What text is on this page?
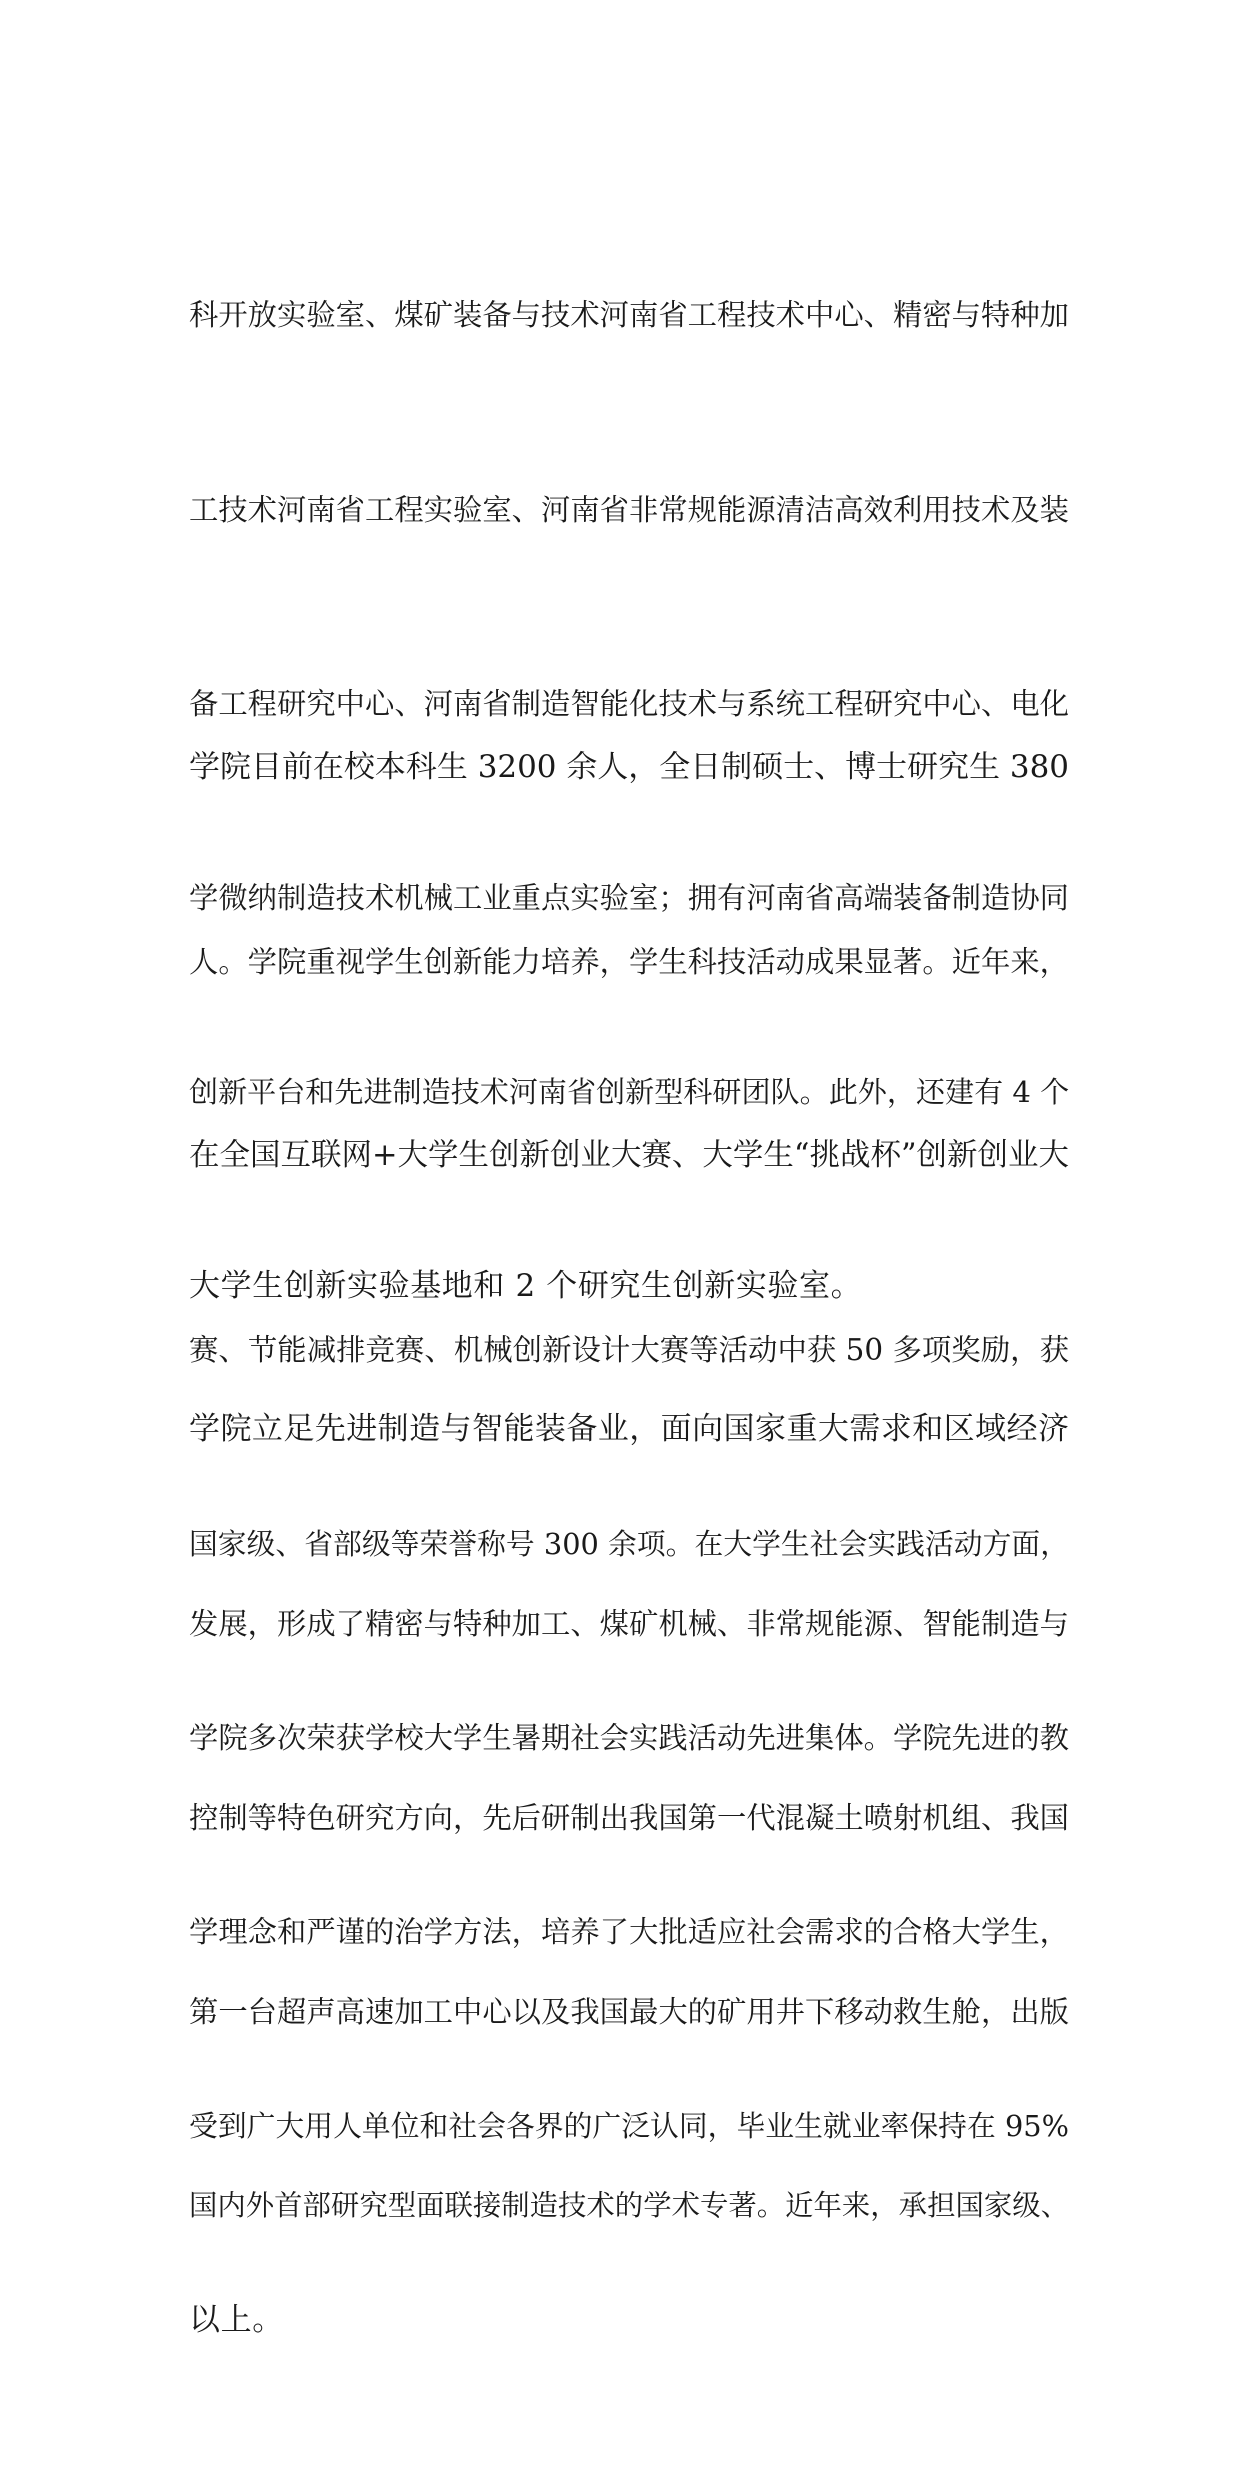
科开放实验室、煤矿装备与技术河南省工程技术中心、精密与特种加

工技术河南省工程实验室、河南省非常规能源清洁高效利用技术及装

备工程研究中心、河南省制造智能化技术与系统工程研究中心、电化

学微纳制造技术机械工业重点实验室；拥有河南省高端装备制造协同

创新平台和先进制造技术河南省创新型科研团队。此外，还建有 4 个

大学生创新实验基地和 2 个研究生创新实验室。

学院目前在校本科生 3200 余人，全日制硕士、博士研究生 380

人。学院重视学生创新能力培养，学生科技活动成果显著。近年来，

在全国互联网+大学生创新创业大赛、大学生“挑战杯”创新创业大

赛、节能减排竞赛、机械创新设计大赛等活动中获 50 多项奖励，获

国家级、省部级等荣誉称号 300 余项。在大学生社会实践活动方面，

学院多次荣获学校大学生暑期社会实践活动先进集体。学院先进的教

学理念和严谨的治学方法，培养了大批适应社会需求的合格大学生，

受到广大用人单位和社会各界的广泛认同，毕业生就业率保持在 95%

以上。

学院立足先进制造与智能装备业，面向国家重大需求和区域经济

发展，形成了精密与特种加工、煤矿机械、非常规能源、智能制造与

控制等特色研究方向，先后研制出我国第一代混凝土喷射机组、我国

第一台超声高速加工中心以及我国最大的矿用井下移动救生舱，出版

国内外首部研究型面联接制造技术的学术专著。近年来，承担国家级、
